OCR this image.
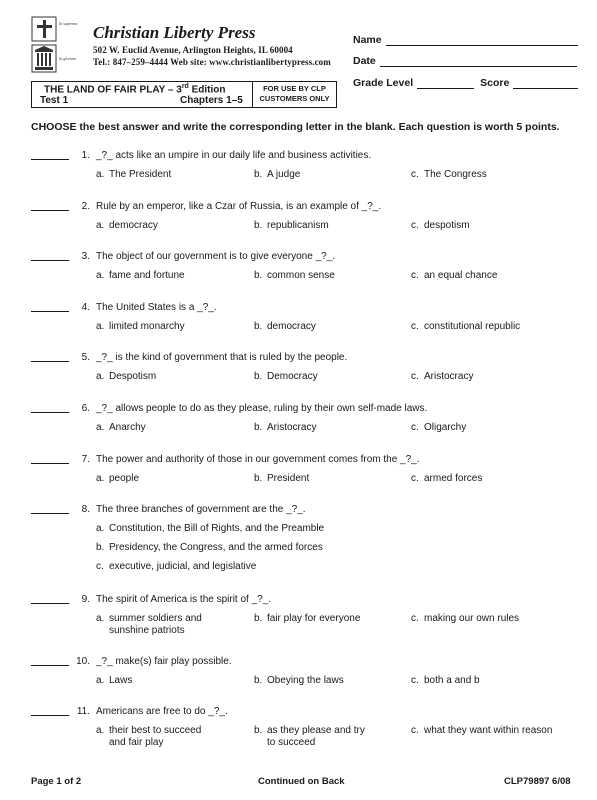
lit suprema
lit gloriam
Christian Liberty Press
502 W. Euclid Avenue, Arlington Heights, IL 60004
Tel.: 847–259–4444 Web site: www.christianlibertypress.com
Name
Date
Grade Level	Score
THE LAND OF FAIR PLAY – 3rd Edition
Test 1	Chapters 1–5
FOR USE BY CLP
CUSTOMERS ONLY
CHOOSE the best answer and write the corresponding letter in the blank. Each question is worth 5 points.
1. _?_ acts like an umpire in our daily life and business activities.
a. The President	b. A judge	c. The Congress
2. Rule by an emperor, like a Czar of Russia, is an example of _?_.
a. democracy	b. republicanism	c. despotism
3. The object of our government is to give everyone _?_.
a. fame and fortune	b. common sense	c. an equal chance
4. The United States is a _?_.
a. limited monarchy	b. democracy	c. constitutional republic
5. _?_ is the kind of government that is ruled by the people.
a. Despotism	b. Democracy	c. Aristocracy
6. _?_ allows people to do as they please, ruling by their own self-made laws.
a. Anarchy	b. Aristocracy	c. Oligarchy
7. The power and authority of those in our government comes from the _?_.
a. people	b. President	c. armed forces
8. The three branches of government are the _?_.
a. Constitution, the Bill of Rights, and the Preamble
b. Presidency, the Congress, and the armed forces
c. executive, judicial, and legislative
9. The spirit of America is the spirit of _?_.
a. summer soldiers and
sunshine patriots
b. fair play for everyone	c. making our own rules
10. _?_ make(s) fair play possible.
a. Laws	b. Obeying the laws	c. both a and b
11. Americans are free to do _?_.
a. their best to succeed
and fair play
b. as they please and try
to succeed
c. what they want within reason
Page 1 of 2	Continued on Back	CLP79897 6/08
